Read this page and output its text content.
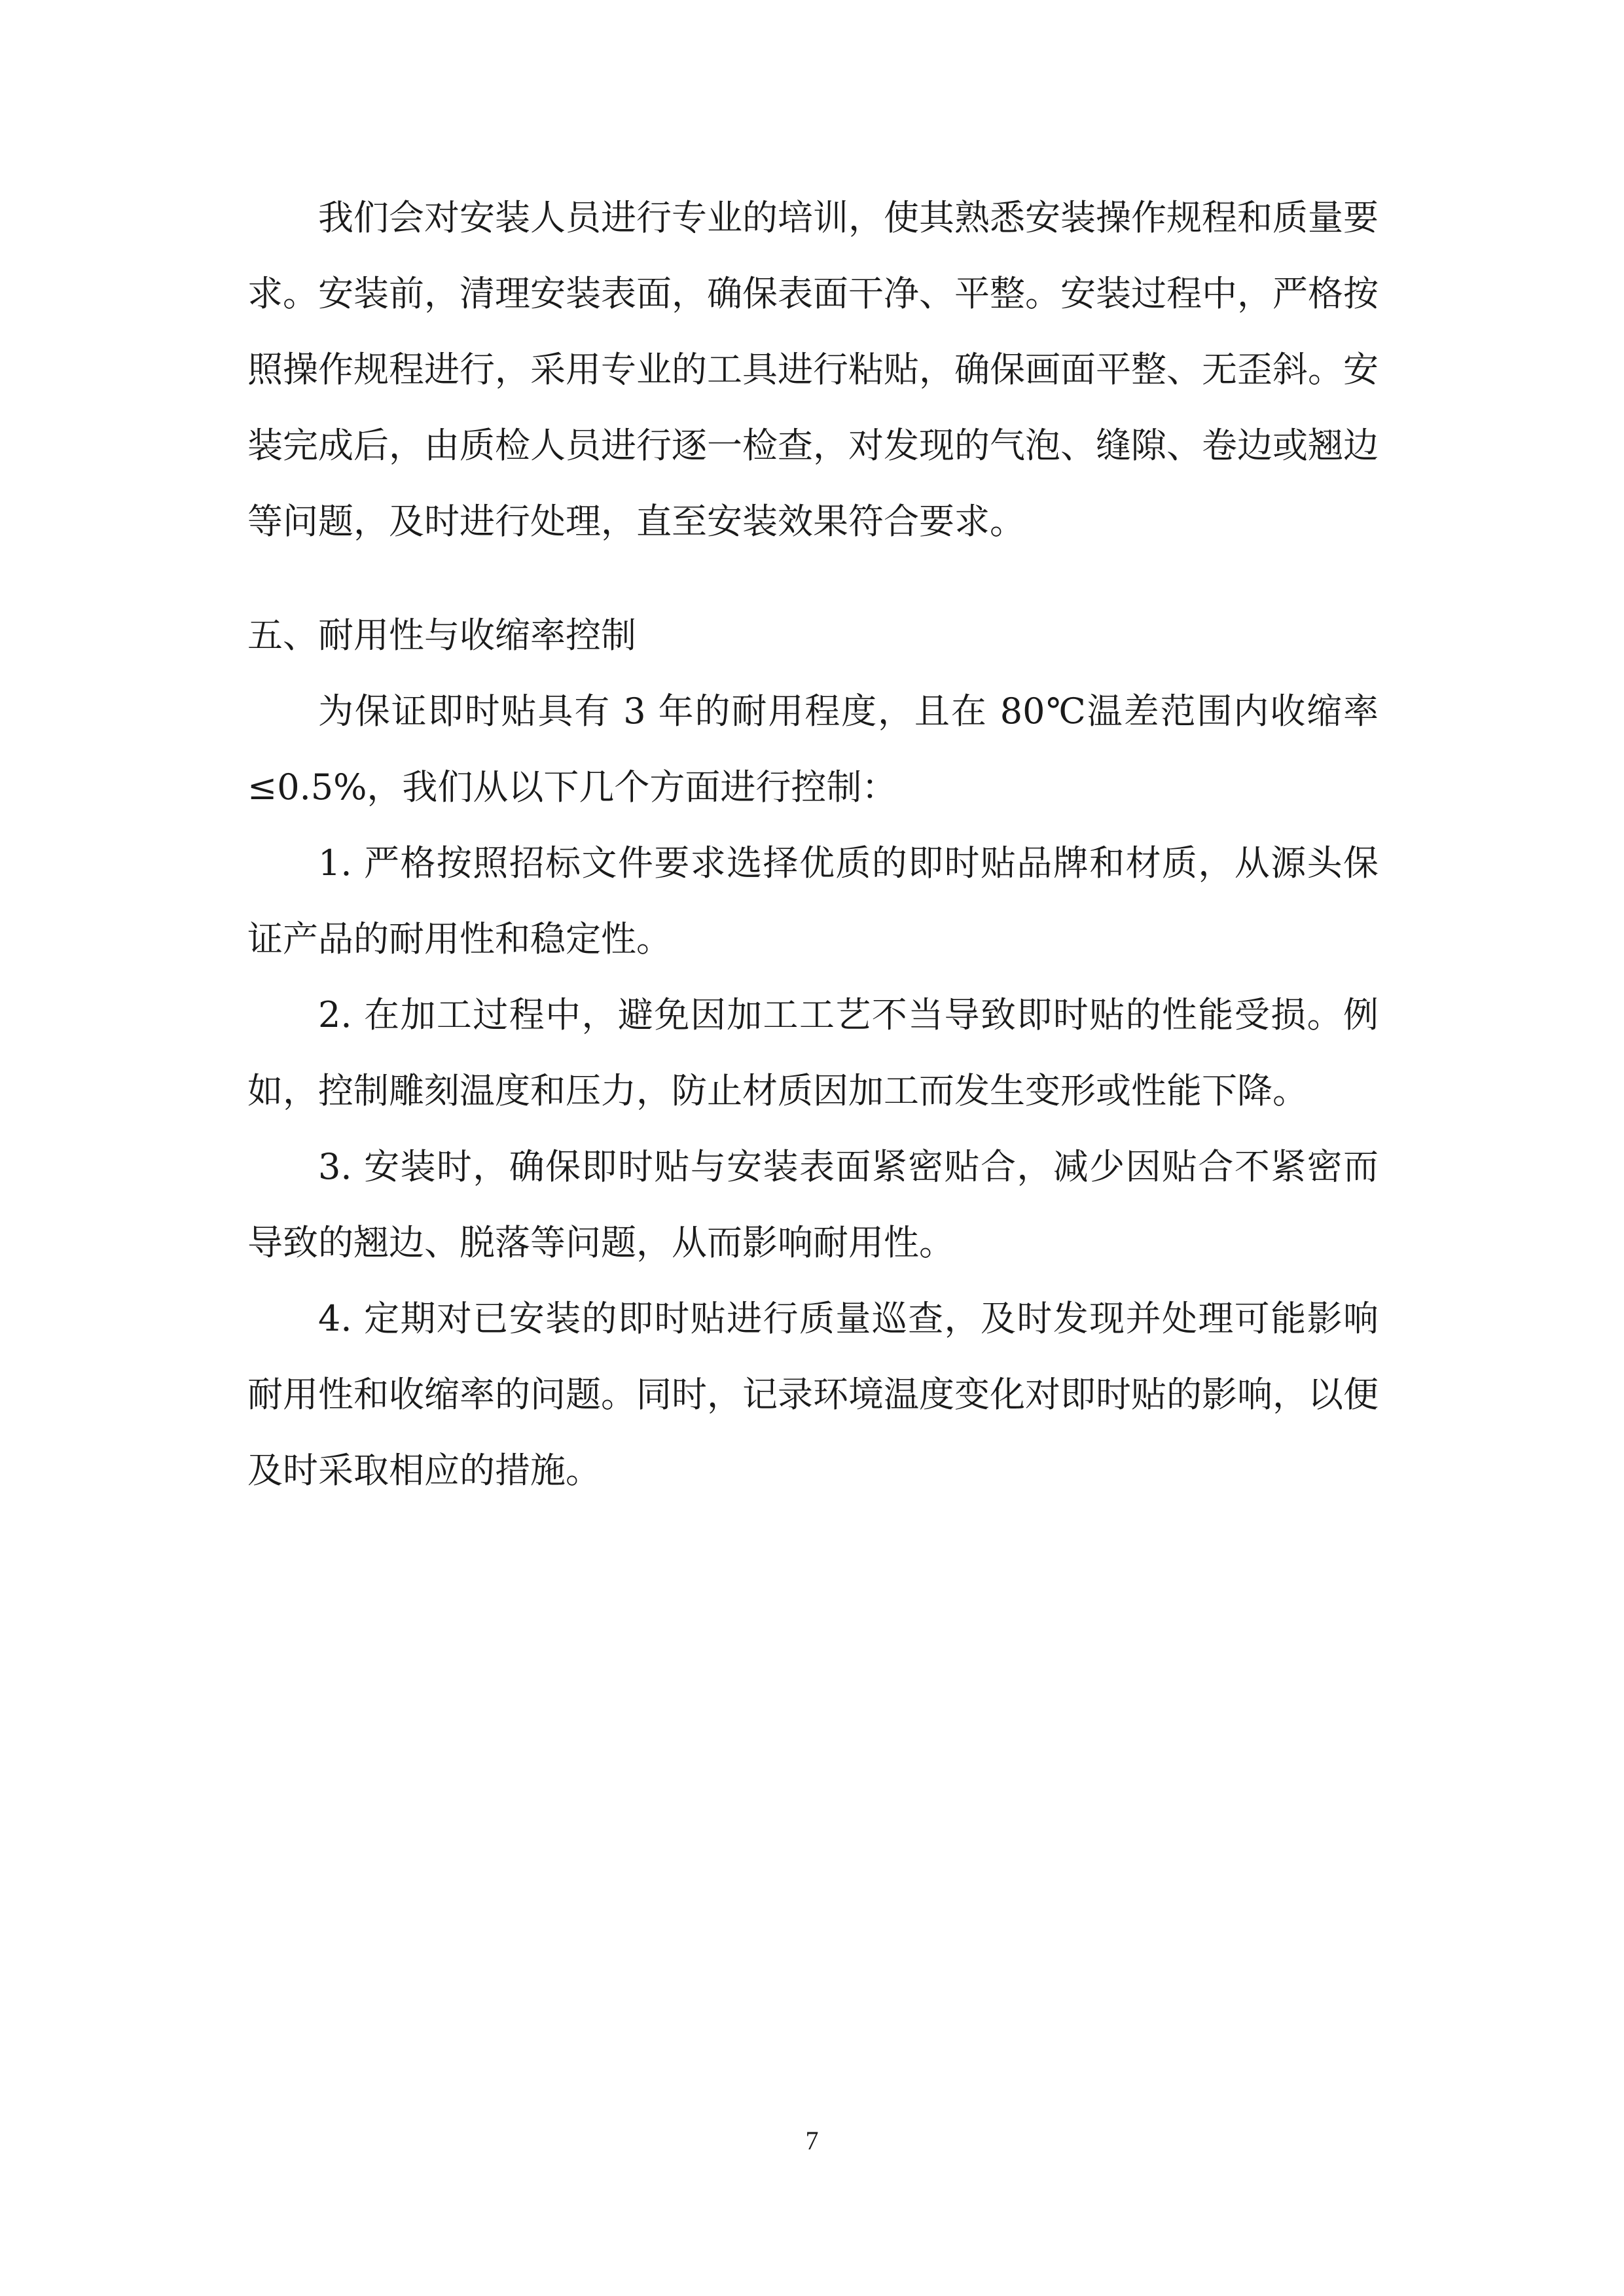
我们会对安装人员进行专业的培训，使其熟悉安装操作规程和质量要求。安装前，清理安装表面，确保表面干净、平整。安装过程中，严格按照操作规程进行，采用专业的工具进行粘贴，确保画面平整、无歪斜。安装完成后，由质检人员进行逐一检查，对发现的气泡、缝隙、卷边或翘边等问题，及时进行处理，直至安装效果符合要求。

五、耐用性与收缩率控制

为保证即时贴具有 3 年的耐用程度，且在 80℃温差范围内收缩率≤0.5%，我们从以下几个方面进行控制：

1. 严格按照招标文件要求选择优质的即时贴品牌和材质，从源头保证产品的耐用性和稳定性。

2. 在加工过程中，避免因加工工艺不当导致即时贴的性能受损。例如，控制雕刻温度和压力，防止材质因加工而发生变形或性能下降。

3. 安装时，确保即时贴与安装表面紧密贴合，减少因贴合不紧密而导致的翘边、脱落等问题，从而影响耐用性。

4. 定期对已安装的即时贴进行质量巡查，及时发现并处理可能影响耐用性和收缩率的问题。同时，记录环境温度变化对即时贴的影响，以便及时采取相应的措施。

7
